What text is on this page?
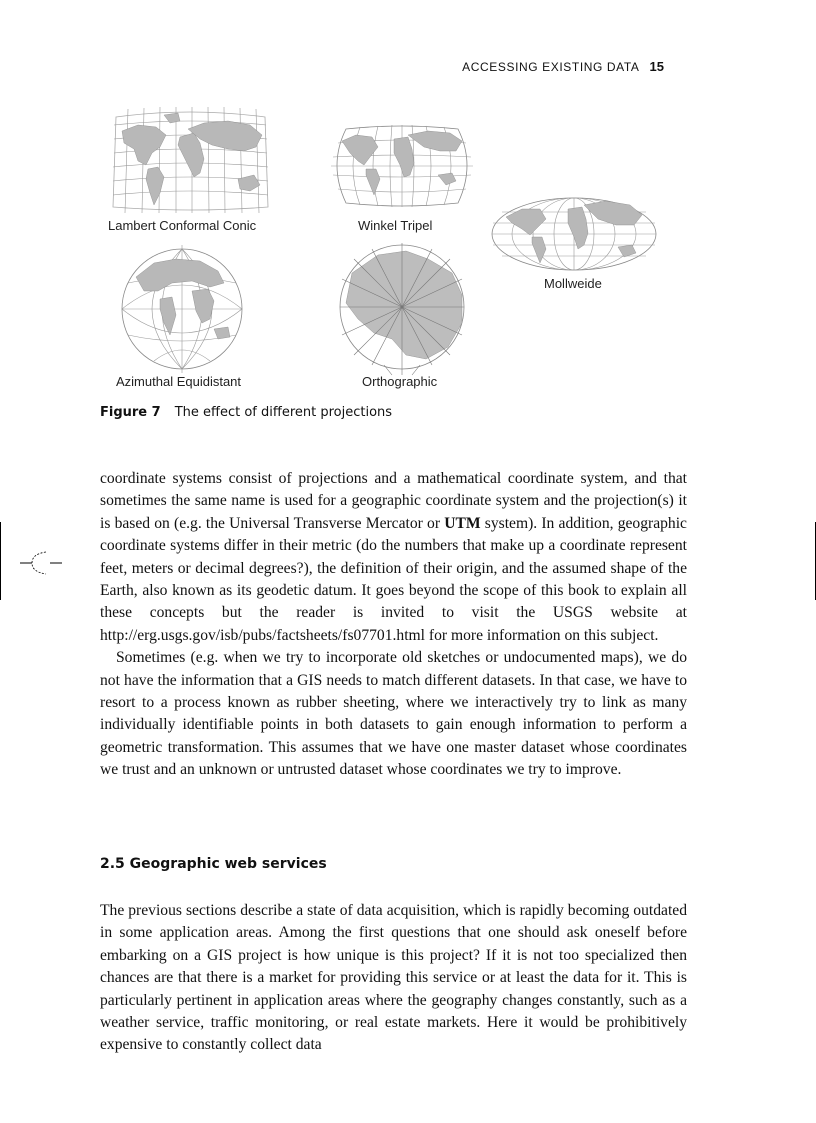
ACCESSING EXISTING DATA 15
Lambert Conformal Conic	Winkel Tripel
Mollweide
Azimuthal Equidistant	Orthographic
Figure 7 The effect of different projections

coordinate systems consist of projections and a mathematical coordinate system, and that sometimes the same name is used for a geographic coordinate system and the projection(s) it is based on (e.g. the Universal Transverse Mercator or UTM system). In addition, geographic coordinate systems differ in their metric (do the numbers that make up a coordinate represent feet, meters or decimal degrees?), the definition of their origin, and the assumed shape of the Earth, also known as its geodetic datum. It goes beyond the scope of this book to explain all these concepts but the reader is invited to visit the USGS website at http://erg.usgs.gov/isb/pubs/factsheets/fs07701.html for more information on this subject.

Sometimes (e.g. when we try to incorporate old sketches or undocumented maps), we do not have the information that a GIS needs to match different datasets. In that case, we have to resort to a process known as rubber sheeting, where we interactively try to link as many individually identifiable points in both datasets to gain enough information to perform a geometric transformation. This assumes that we have one master dataset whose coordinates we trust and an unknown or untrusted dataset whose coordinates we try to improve.

2.5 Geographic web services

The previous sections describe a state of data acquisition, which is rapidly becoming outdated in some application areas. Among the first questions that one should ask oneself before embarking on a GIS project is how unique is this project? If it is not too specialized then chances are that there is a market for providing this service or at least the data for it. This is particularly pertinent in application areas where the geography changes constantly, such as a weather service, traffic monitoring, or real estate markets. Here it would be prohibitively expensive to constantly collect data
